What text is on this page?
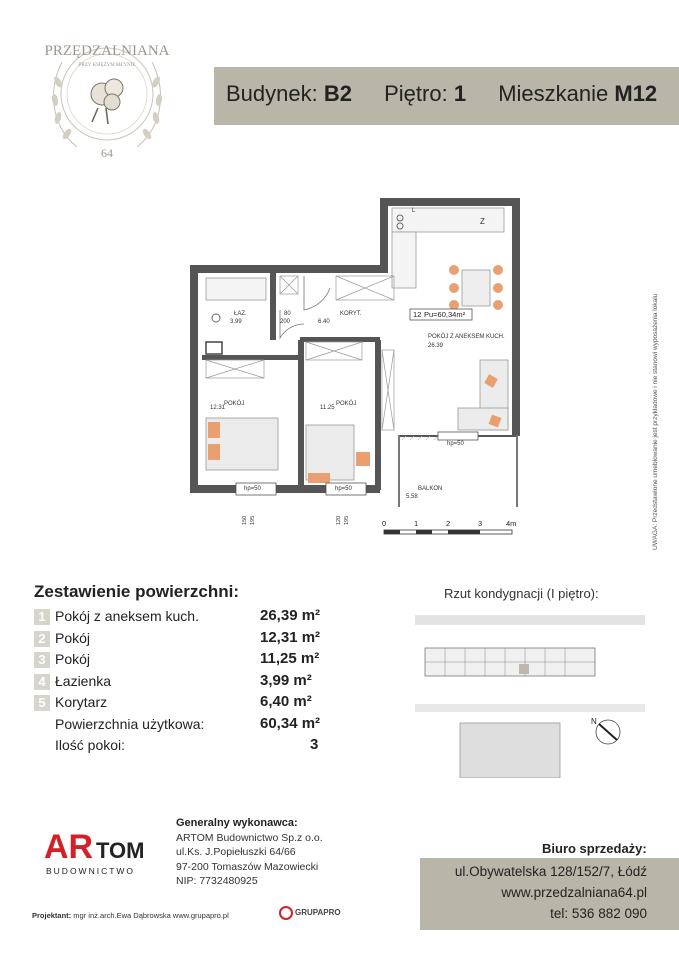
PRZĘDZALNIANA
PRZY KSIĘŻYM MŁYNIE
64
Budynek: B2 Piętro: 1 Mieszkanie M12
Z
L
ŁAZ.
3.99
KORYT.
6.40
POKÓJ
12.31
POKÓJ
11.25
POKÓJ Z ANEKSEM KUCH.
26.39
BALKON
5.58
hp=50
hp=50	hp=50
80
200
12 Pu=60,34m²
150 195	120 195	0	1	2	3	4m	UWAGA: Przedstawione umeblowanie jest przykładowe i nie stanowi wyposażenia lokalu
Zestawienie powierzchni:
1 Pokój z aneksem kuch.	26,39 m²
2 Pokój	12,31 m²
3 Pokój	11,25 m²
4 Łazienka	3,99 m²
5 Korytarz	6,40 m²
Powierzchnia użytkowa:	60,34 m²
Ilość pokoi:	3
Rzut kondygnacji (I piętro):
N
AR TOM
BUDOWNICTWO
Generalny wykonawca:
ARTOM Budownictwo Sp.z o.o.
ul.Ks. J.Popiełuszki 64/66
97-200 Tomaszów Mazowiecki
NIP: 7732480925
Projektant: mgr inż.arch.Ewa Dąbrowska www.grupapro.pl	GRUPAPRO
Biuro sprzedaży:
ul.Obywatelska 128/152/7, Łódź
www.przedzalniana64.pl
tel: 536 882 090
